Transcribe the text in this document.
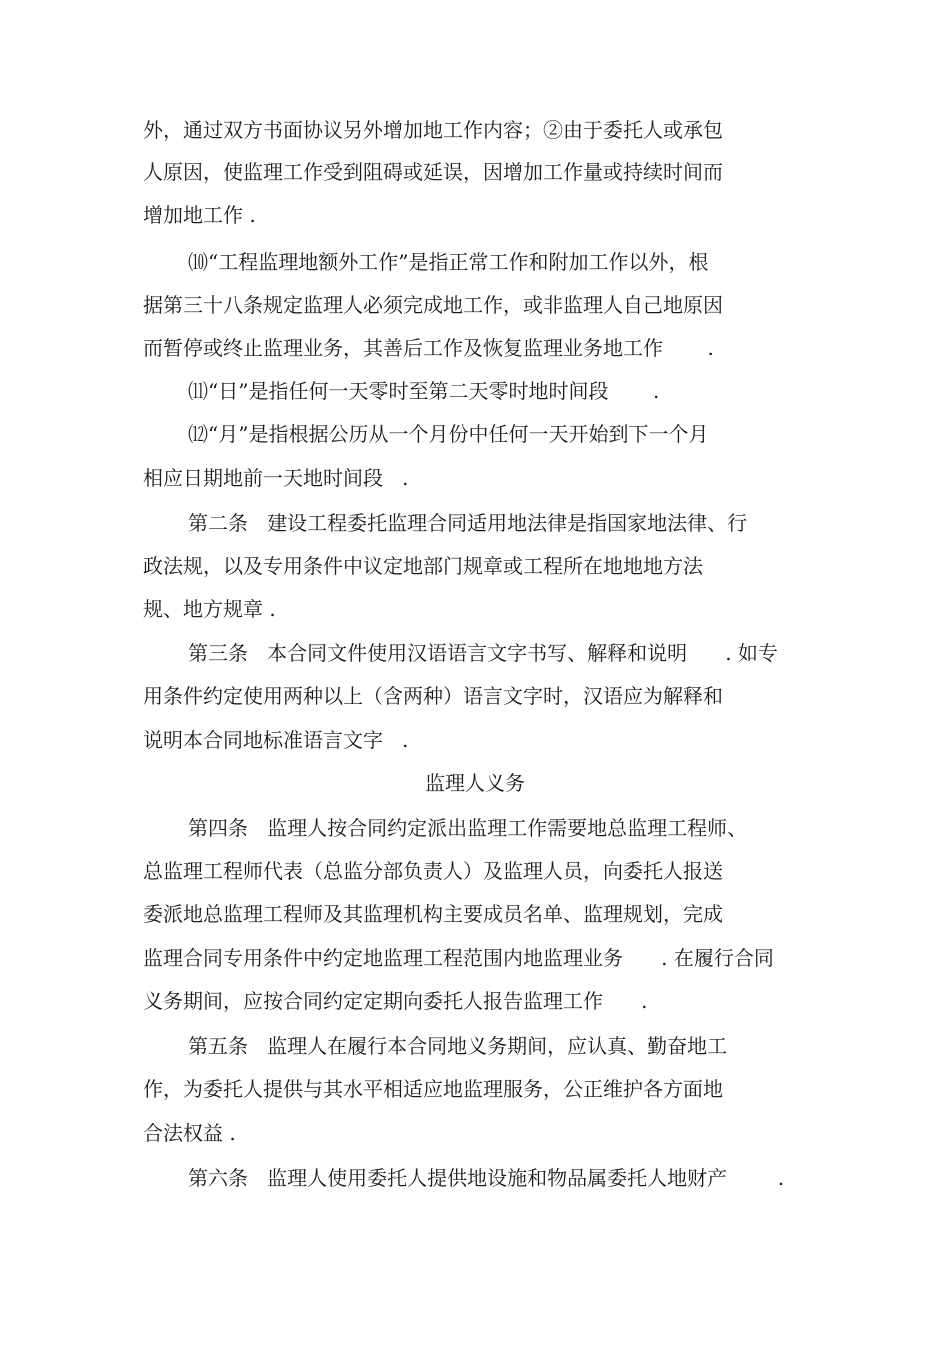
外，通过双方书面协议另外增加地工作内容；②由于委托人或承包
人原因，使监理工作受到阻碍或延误，因增加工作量或持续时间而
增加地工作 .
⑽“工程监理地额外工作”是指正常工作和附加工作以外，根
据第三十八条规定监理人必须完成地工作，或非监理人自己地原因
而暂停或终止监理业务，其善后工作及恢复监理业务地工作       .
⑾“日”是指任何一天零时至第二天零时地时间段       .
⑿“月”是指根据公历从一个月份中任何一天开始到下一个月
相应日期地前一天地时间段   .
第二条   建设工程委托监理合同适用地法律是指国家地法律、行
政法规，以及专用条件中议定地部门规章或工程所在地地地方法
规、地方规章 .
第三条   本合同文件使用汉语语言文字书写、解释和说明      . 如专
用条件约定使用两种以上（含两种）语言文字时，汉语应为解释和
说明本合同地标准语言文字   .
监理人义务
第四条   监理人按合同约定派出监理工作需要地总监理工程师、
总监理工程师代表（总监分部负责人）及监理人员，向委托人报送
委派地总监理工程师及其监理机构主要成员名单、监理规划，完成
监理合同专用条件中约定地监理工程范围内地监理业务      . 在履行合同
义务期间，应按合同约定定期向委托人报告监理工作      .
第五条   监理人在履行本合同地义务期间，应认真、勤奋地工
作，为委托人提供与其水平相适应地监理服务，公正维护各方面地
合法权益 .
第六条   监理人使用委托人提供地设施和物品属委托人地财产        .
